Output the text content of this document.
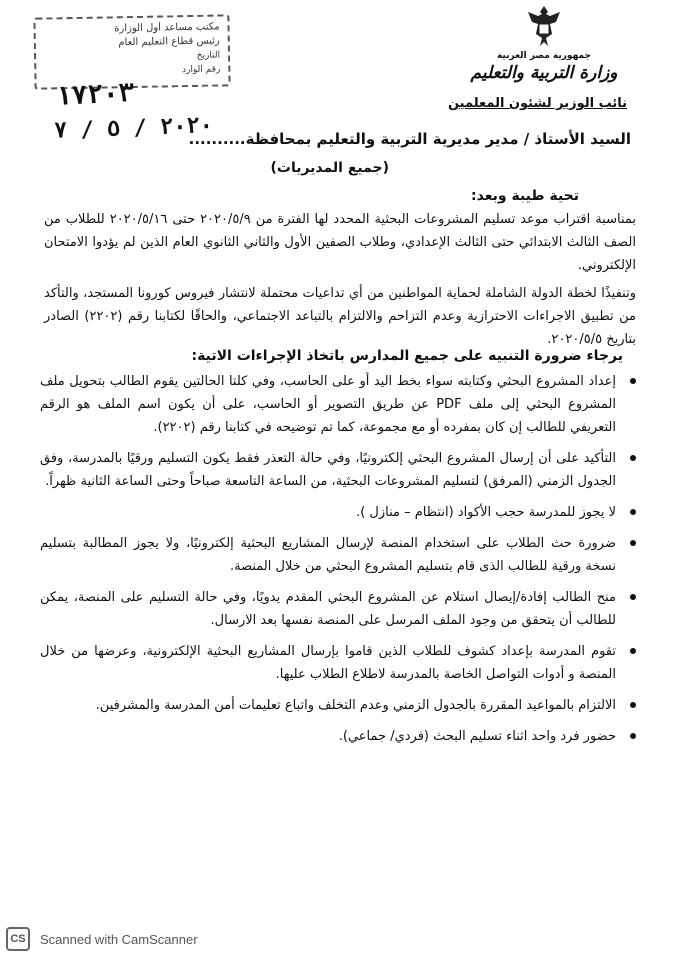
مكتب مساعد أول الوزارة
رئيس قطاع التعليم العام
التاريخ
رقم الوارد
١٧٢٠٣
٢٠٢٠ / ٥ / ٧
جمهورية مصر العربية
وزارة التربية والتعليم
نائب الوزير لشئون المعلمين
السيد الأستاذ / مدير مديرية التربية والتعليم بمحافظة..........
(جميع المديريات)
تحية طيبة وبعد:
بمناسبة اقتراب موعد تسليم المشروعات البحثية المحدد لها الفترة من ٢٠٢٠/٥/٩ حتى ٢٠٢٠/٥/١٦ للطلاب من الصف الثالث الابتدائي حتى الثالث الإعدادي، وطلاب الصفين الأول والثاني الثانوي العام الذين لم يؤدوا الامتحان الإلكتروني.
وتنفيذًا لخطة الدولة الشاملة لحماية المواطنين من أي تداعيات محتملة لانتشار فيروس كورونا المستجد، والتأكد من تطبيق الاجراءات الاحترازية وعدم التزاحم والالتزام بالتباعد الاجتماعي، والحاقًا لكتابنا رقم (٢٢٠٢) الصادر بتاريخ ٢٠٢٠/٥/٥.
يرجاء ضرورة التنبيه على جميع المدارس باتخاذ الإجراءات الاتية:
إعداد المشروع البحثي وكتابته سواء بخط اليد أو على الحاسب، وفي كلتا الحالتين يقوم الطالب بتحويل ملف المشروع البحثي إلى ملف PDF عن طريق التصوير أو الحاسب، على أن يكون اسم الملف هو الرقم التعريفي للطالب إن كان بمفرده أو مع مجموعة، كما تم توضيحه في كتابنا رقم (٢٢٠٢).
التأكيد على أن إرسال المشروع البحثي إلكترونيًا، وفي حالة التعذر فقط يكون التسليم ورقيًا بالمدرسة، وفق الجدول الزمني (المرفق) لتسليم المشروعات البحثية، من الساعة التاسعة صباحاً وحتى الساعة الثانية ظهراً.
لا يجوز للمدرسة حجب الأكواد (انتظام – منازل ).
ضرورة حث الطلاب على استخدام المنصة لإرسال المشاريع البحثية إلكترونيًا، ولا يجوز المطالبة بتسليم نسخة ورقية للطالب الذى قام بتسليم المشروع البحثي من خلال المنصة.
منح الطالب إفادة/إيصال استلام عن المشروع البحثي المقدم يدويًا، وفي حالة التسليم على المنصة، يمكن للطالب أن يتحقق من وجود الملف المرسل على المنصة نفسها بعد الارسال.
تقوم المدرسة بإعداد كشوف للطلاب الذين قاموا بإرسال المشاريع البحثية الإلكترونية، وعرضها من خلال المنصة و أدوات التواصل الخاصة بالمدرسة لاطلاع الطلاب عليها.
الالتزام بالمواعيد المقررة بالجدول الزمني وعدم التخلف واتباع تعليمات أمن المدرسة والمشرفين.
حضور فرد واحد اثناء تسليم البحث (فردي/ جماعي).
CS	Scanned with CamScanner
